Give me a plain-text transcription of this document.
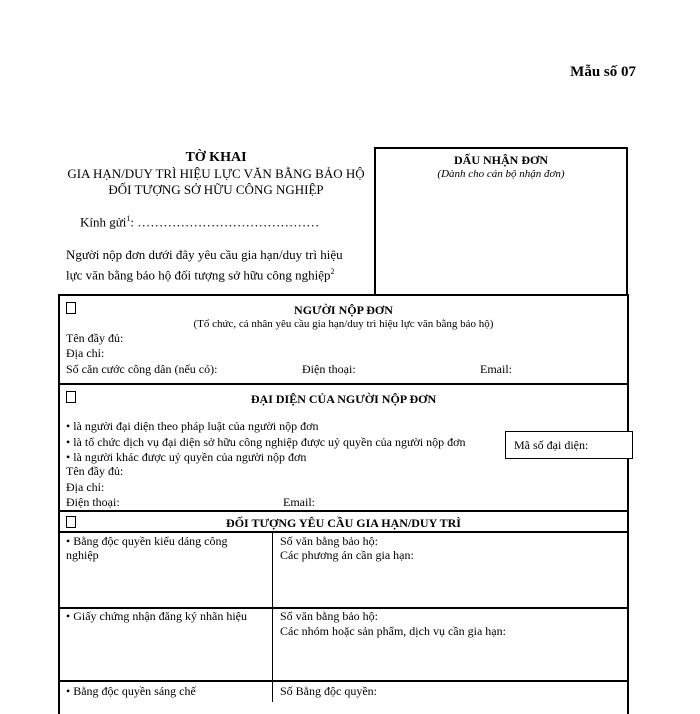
Mẫu số 07
TỜ KHAI
GIA HẠN/DUY TRÌ HIỆU LỰC VĂN BẰNG BẢO HỘ
ĐỐI TƯỢNG SỞ HỮU CÔNG NGHIỆP
Kính gửi$^1$: ……………………………………
Người nộp đơn dưới đây yêu cầu gia hạn/duy trì hiệu
lực văn bằng bảo hộ đối tượng sở hữu công nghiệp$^2$
DẤU NHẬN ĐƠN
(Dành cho cán bộ nhận đơn)
NGƯỜI NỘP ĐƠN
(Tổ chức, cá nhân yêu cầu gia hạn/duy trì hiệu lực văn bằng bảo hộ)
Tên đầy đủ:
Địa chỉ:
Số căn cước công dân (nếu có):	Điện thoại:	Email:
ĐẠI DIỆN CỦA NGƯỜI NỘP ĐƠN
• là người đại diện theo pháp luật của người nộp đơn
• là tổ chức dịch vụ đại diện sở hữu công nghiệp được uỷ quyền của người nộp đơn
• là người khác được uỷ quyền của người nộp đơn
Mã số đại diện:
Tên đầy đủ:
Địa chỉ:
Điện thoại:	Email:
ĐỐI TƯỢNG YÊU CẦU GIA HẠN/DUY TRÌ
• Bằng độc quyền kiểu dáng công
nghiệp
Số văn bằng bảo hộ:
Các phương án cần gia hạn:
• Giấy chứng nhận đăng ký nhãn hiệu	Số văn bằng bảo hộ:
Các nhóm hoặc sản phẩm, dịch vụ cần gia hạn:
• Bằng độc quyền sáng chế	Số Bằng độc quyền:
